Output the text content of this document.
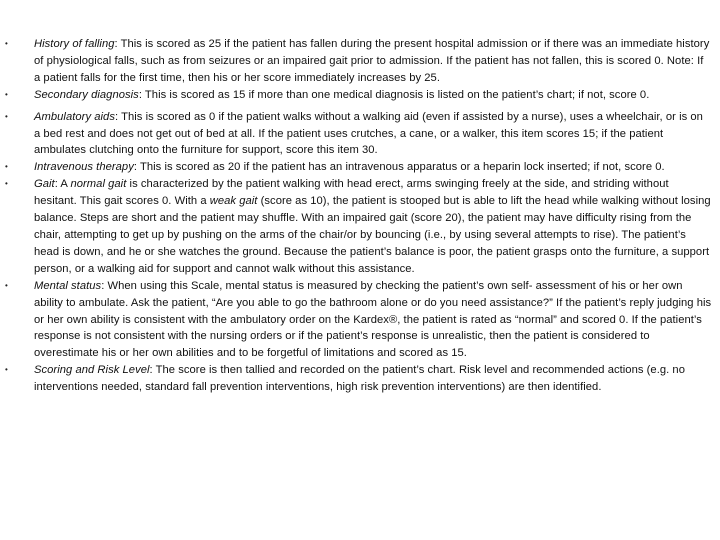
• History of falling: This is scored as 25 if the patient has fallen during the present hospital admission or if there was an immediate history of physiological falls, such as from seizures or an impaired gait prior to admission. If the patient has not fallen, this is scored 0. Note: If a patient falls for the first time, then his or her score immediately increases by 25.
• Secondary diagnosis: This is scored as 15 if more than one medical diagnosis is listed on the patient’s chart; if not, score 0.
• Ambulatory aids: This is scored as 0 if the patient walks without a walking aid (even if assisted by a nurse), uses a wheelchair, or is on a bed rest and does not get out of bed at all. If the patient uses crutches, a cane, or a walker, this item scores 15; if the patient ambulates clutching onto the furniture for support, score this item 30.
• Intravenous therapy: This is scored as 20 if the patient has an intravenous apparatus or a heparin lock inserted; if not, score 0.
• Gait: A normal gait is characterized by the patient walking with head erect, arms swinging freely at the side, and striding without hesitant. This gait scores 0. With a weak gait (score as 10), the patient is stooped but is able to lift the head while walking without losing balance. Steps are short and the patient may shuffle. With an impaired gait (score 20), the patient may have difficulty rising from the chair, attempting to get up by pushing on the arms of the chair/or by bouncing (i.e., by using several attempts to rise). The patient’s head is down, and he or she watches the ground. Because the patient’s balance is poor, the patient grasps onto the furniture, a support person, or a walking aid for support and cannot walk without this assistance.
• Mental status: When using this Scale, mental status is measured by checking the patient’s own self- assessment of his or her own ability to ambulate. Ask the patient, “Are you able to go the bathroom alone or do you need assistance?” If the patient’s reply judging his or her own ability is consistent with the ambulatory order on the Kardex®, the patient is rated as “normal” and scored 0. If the patient’s response is not consistent with the nursing orders or if the patient’s response is unrealistic, then the patient is considered to overestimate his or her own abilities and to be forgetful of limitations and scored as 15.
• Scoring and Risk Level: The score is then tallied and recorded on the patient’s chart. Risk level and recommended actions (e.g. no interventions needed, standard fall prevention interventions, high risk prevention interventions) are then identified.
